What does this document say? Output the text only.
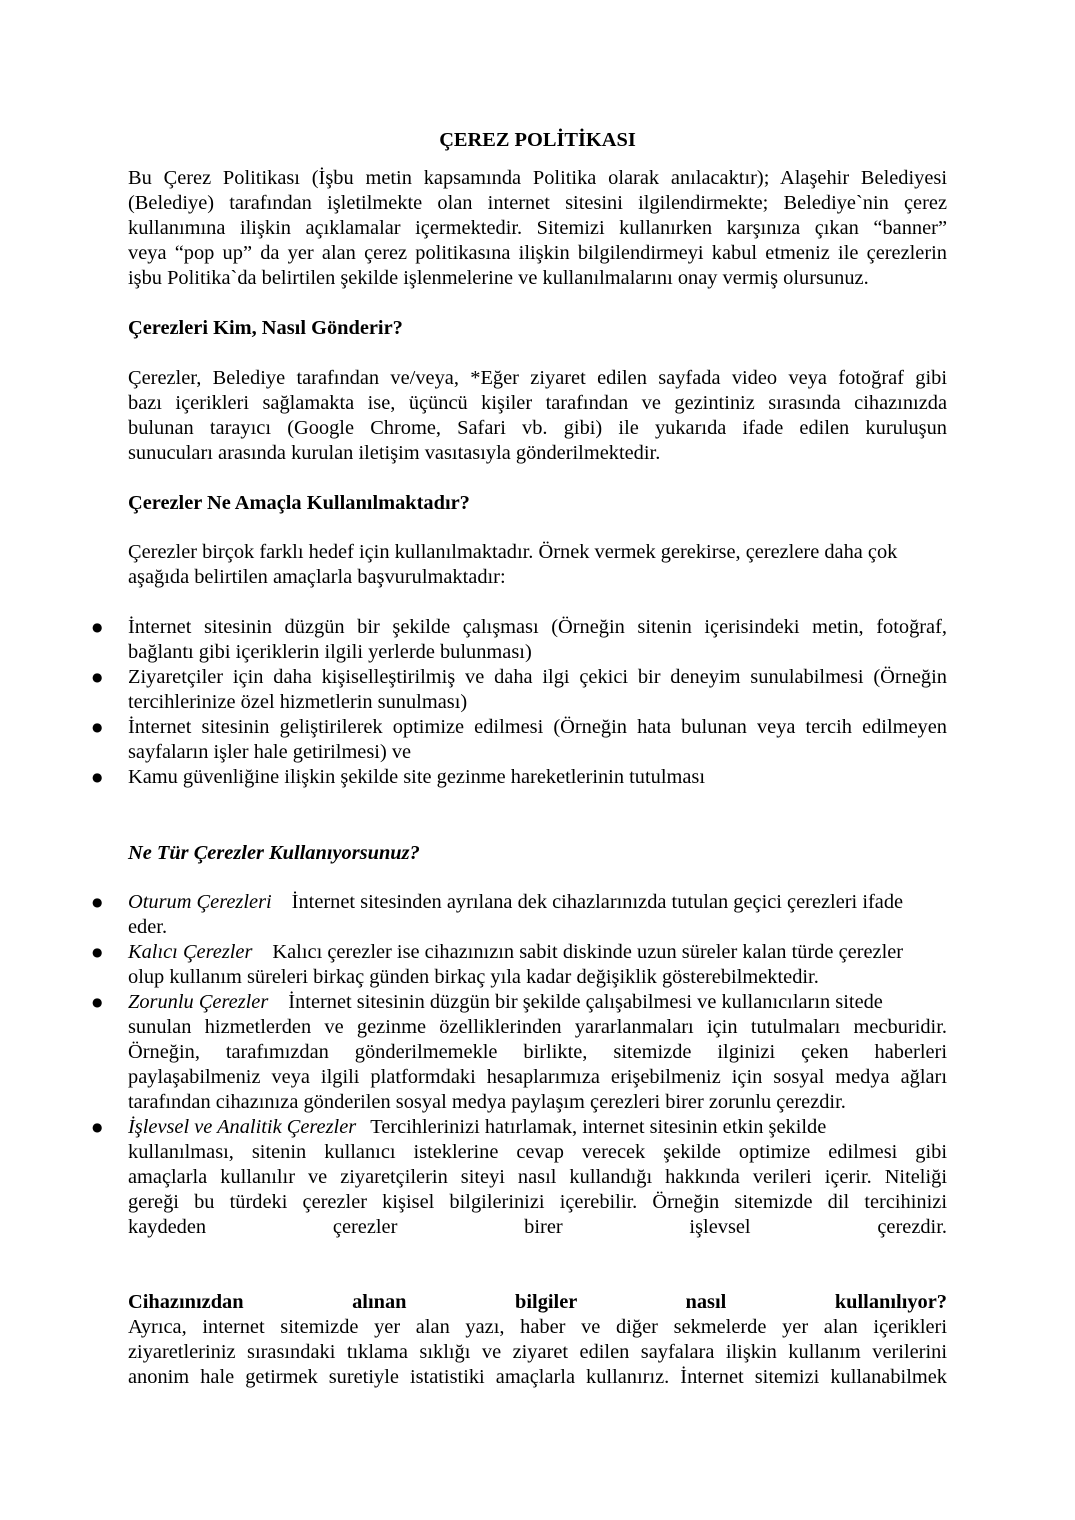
ÇEREZ POLİTİKASI
Bu Çerez Politikası (İşbu metin kapsamında Politika olarak anılacaktır); Alaşehir Belediyesi
(Belediye) tarafından işletilmekte olan internet sitesini ilgilendirmekte; Belediye`nin çerez
kullanımına ilişkin açıklamalar içermektedir. Sitemizi kullanırken karşınıza çıkan “banner”
veya “pop up” da yer alan çerez politikasına ilişkin bilgilendirmeyi kabul etmeniz ile çerezlerin
işbu Politika`da belirtilen şekilde işlenmelerine ve kullanılmalarını onay vermiş olursunuz.
Çerezleri Kim, Nasıl Gönderir?
Çerezler, Belediye tarafından ve/veya, *Eğer ziyaret edilen sayfada video veya fotoğraf gibi
bazı içerikleri sağlamakta ise, üçüncü kişiler tarafından ve gezintiniz sırasında cihazınızda
bulunan tarayıcı (Google Chrome, Safari vb. gibi) ile yukarıda ifade edilen kuruluşun
sunucuları arasında kurulan iletişim vasıtasıyla gönderilmektedir.
Çerezler Ne Amaçla Kullanılmaktadır?
Çerezler birçok farklı hedef için kullanılmaktadır. Örnek vermek gerekirse, çerezlere daha çok
aşağıda belirtilen amaçlarla başvurulmaktadır:
●	İnternet sitesinin düzgün bir şekilde çalışması (Örneğin sitenin içerisindeki metin, fotoğraf,
bağlantı gibi içeriklerin ilgili yerlerde bulunması)
●	Ziyaretçiler için daha kişiselleştirilmiş ve daha ilgi çekici bir deneyim sunulabilmesi (Örneğin
tercihlerinize özel hizmetlerin sunulması)
●	İnternet sitesinin geliştirilerek optimize edilmesi (Örneğin hata bulunan veya tercih edilmeyen
sayfaların işler hale getirilmesi) ve
●	Kamu güvenliğine ilişkin şekilde site gezinme hareketlerinin tutulması
Ne Tür Çerezler Kullanıyorsunuz?
●	Oturum Çerezleri İnternet sitesinden ayrılana dek cihazlarınızda tutulan geçici çerezleri ifade
eder.
●	Kalıcı Çerezler Kalıcı çerezler ise cihazınızın sabit diskinde uzun süreler kalan türde çerezler
olup kullanım süreleri birkaç günden birkaç yıla kadar değişiklik gösterebilmektedir.
●	Zorunlu Çerezler İnternet sitesinin düzgün bir şekilde çalışabilmesi ve kullanıcıların sitede
sunulan hizmetlerden ve gezinme özelliklerinden yararlanmaları için tutulmaları mecburidir.
Örneğin, tarafımızdan gönderilmemekle birlikte, sitemizde ilginizi çeken haberleri
paylaşabilmeniz veya ilgili platformdaki hesaplarımıza erişebilmeniz için sosyal medya ağları
tarafından cihazınıza gönderilen sosyal medya paylaşım çerezleri birer zorunlu çerezdir.
●	İşlevsel ve Analitik Çerezler Tercihlerinizi hatırlamak, internet sitesinin etkin şekilde
kullanılması, sitenin kullanıcı isteklerine cevap verecek şekilde optimize edilmesi gibi
amaçlarla kullanılır ve ziyaretçilerin siteyi nasıl kullandığı hakkında verileri içerir. Niteliği
gereği bu türdeki çerezler kişisel bilgilerinizi içerebilir. Örneğin sitemizde dil tercihinizi
kaydeden çerezler birer işlevsel çerezdir.
Cihazınızdan alınan bilgiler nasıl kullanılıyor?
Ayrıca, internet sitemizde yer alan yazı, haber ve diğer sekmelerde yer alan içerikleri
ziyaretleriniz sırasındaki tıklama sıklığı ve ziyaret edilen sayfalara ilişkin kullanım verilerini
anonim hale getirmek suretiyle istatistiki amaçlarla kullanırız. İnternet sitemizi kullanabilmek
